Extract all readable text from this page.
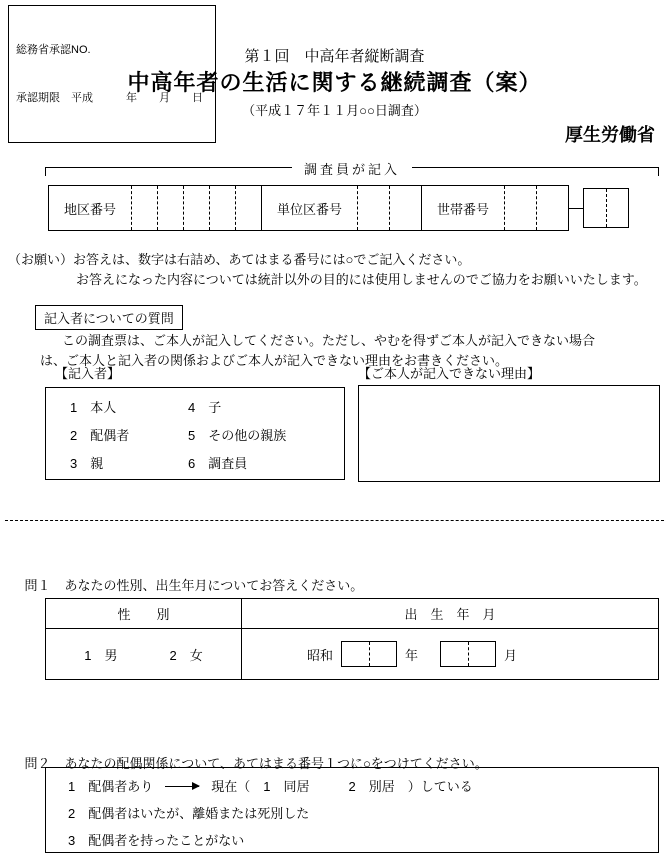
総務省承認NO.

承認期限　平成　　　年　　月　　日

第１回　中高年者縦断調査
中高年者の生活に関する継続調査（案）
（平成１７年１１月○○日調査）
厚生労働省
調査員が記入
地区番号	単位区番号	世帯番号
（お願い）お答えは、数字は右詰め、あてはまる番号には○でご記入ください。
お答えになった内容については統計以外の目的には使用しませんのでご協力をお願いいたします。
記入者についての質問
この調査票は、ご本人が記入してください。ただし、やむを得ずご本人が記入できない場合
は、ご本人と記入者の関係およびご本人が記入できない理由をお書きください。
【記入者】	【ご本人が記入できない理由】
1　本人	4　子
2　配偶者	5　その他の親族
3　親	6　調査員

問１ あなたの性別、出生年月についてお答えください。

性　　別	出　生　年　月
1　男　　　　2　女	昭和	年	月

問２ あなたの配偶関係について、あてはまる番号１つに○をつけてください。

1　配偶者あり	現在（　1　同居　　　2　別居　）している
2　配偶者はいたが、離婚または死別した
3　配偶者を持ったことがない
